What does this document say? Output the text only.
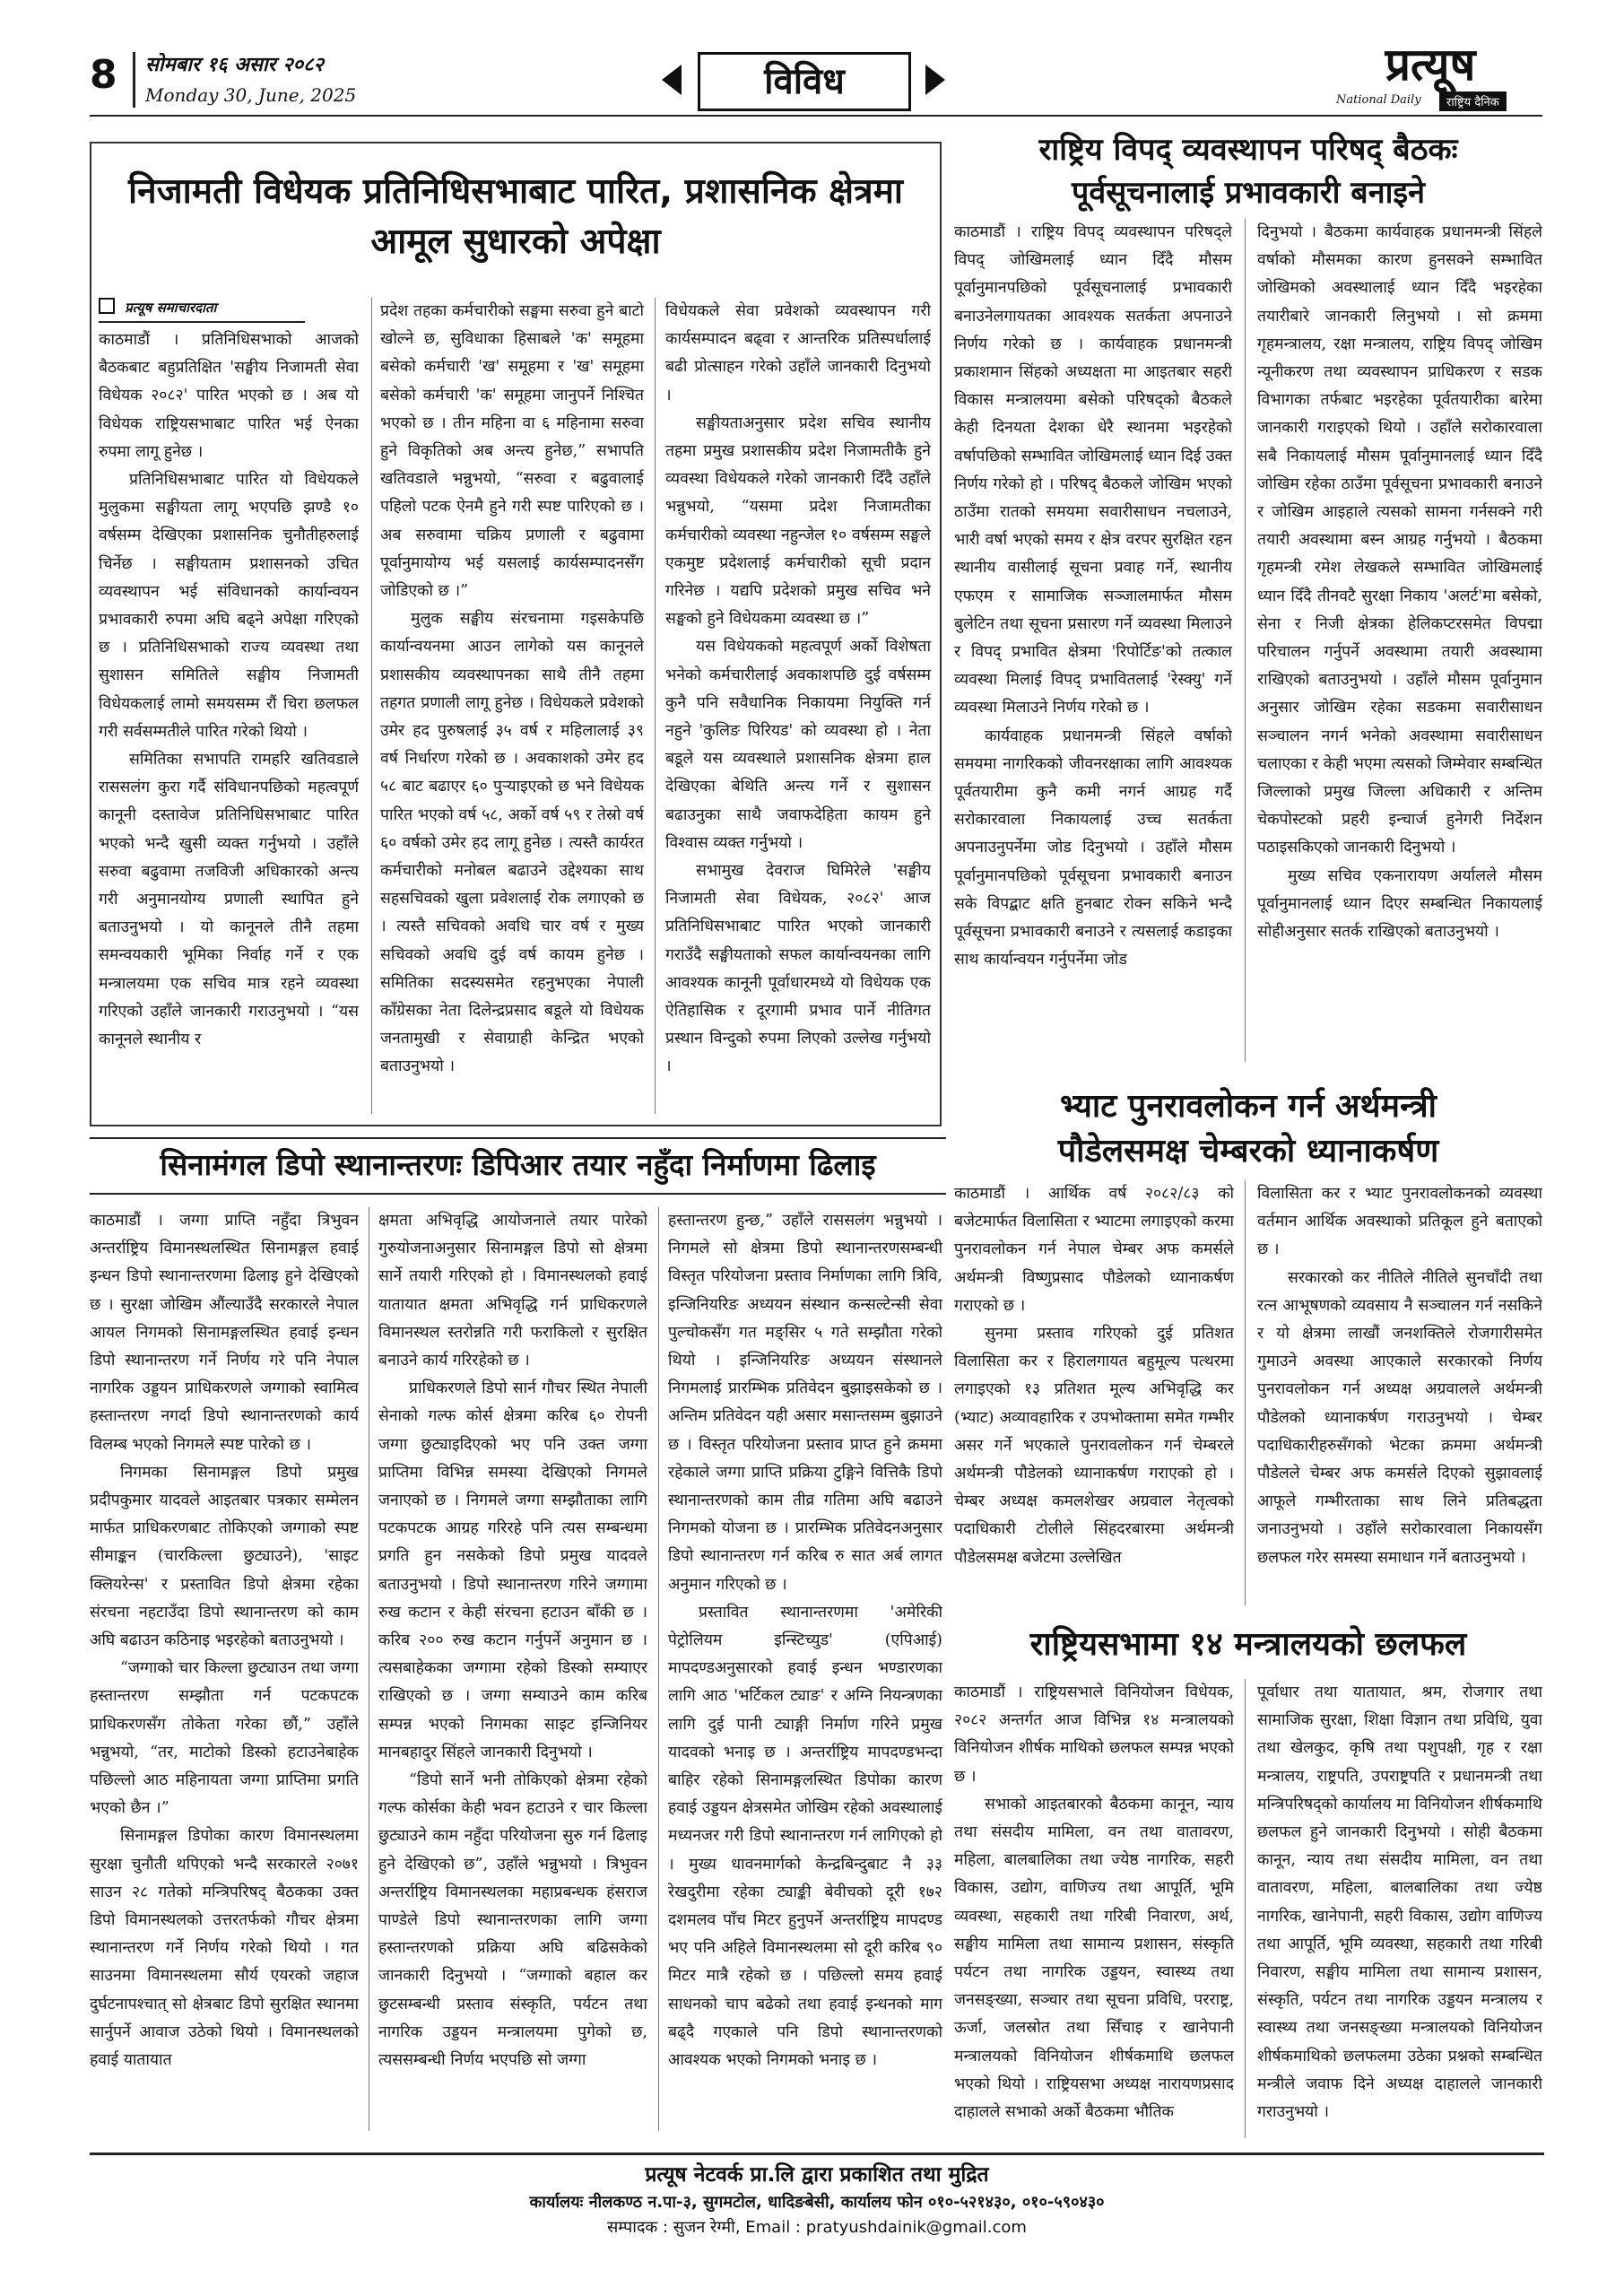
8 सोमबार १६ असार २०८२
Monday 30, June, 2025	विविध	प्रत्यूष
National Daily	राष्ट्रिय दैनिक
निजामती विधेयक प्रतिनिधिसभाबाट पारित, प्रशासनिक क्षेत्रमा
आमूल सुधारको अपेक्षा
प्रत्यूष समाचारदाता

काठमाडौं । प्रतिनिधिसभाको आजको बैठकबाट बहुप्रतिक्षित 'सङ्घीय निजामती सेवा विधेयक २०८२' पारित भएको छ । अब यो विधेयक राष्ट्रियसभाबाट पारित भई ऐनका रुपमा लागू हुनेछ ।

प्रतिनिधिसभाबाट पारित यो विधेयकले मुलुकमा सङ्घीयता लागू भएपछि झण्डै १० वर्षसम्म देखिएका प्रशासनिक चुनौतीहरुलाई चिर्नेछ । सङ्घीयताम प्रशासनको उचित व्यवस्थापन भई संविधानको कार्यान्वयन प्रभावकारी रुपमा अघि बढ्ने अपेक्षा गरिएको छ । प्रतिनिधिसभाको राज्य व्यवस्था तथा सुशासन समितिले सङ्घीय निजामती विधेयकलाई लामो समयसम्म रौं चिरा छलफल गरी सर्वसम्मतीले पारित गरेको थियो ।

समितिका सभापति रामहरि खतिवडाले राससलंग कुरा गर्दै संविधानपछिको महत्वपूर्ण कानूनी दस्तावेज प्रतिनिधिसभाबाट पारित भएको भन्दै खुसी व्यक्त गर्नुभयो । उहाँले सरुवा बढुवामा तजविजी अधिकारको अन्त्य गरी अनुमानयोग्य प्रणाली स्थापित हुने बताउनुभयो । यो कानूनले तीनै तहमा समन्वयकारी भूमिका निर्वाह गर्ने र एक मन्त्रालयमा एक सचिव मात्र रहने व्यवस्था गरिएको उहाँले जानकारी गराउनुभयो । “यस कानूनले स्थानीय र

प्रदेश तहका कर्मचारीको सङ्घमा सरुवा हुने बाटो खोल्ने छ, सुविधाका हिसाबले 'क' समूहमा बसेको कर्मचारी 'ख' समूहमा र 'ख' समूहमा बसेको कर्मचारी 'क' समूहमा जानुपर्ने निश्चित भएको छ । तीन महिना वा ६ महिनामा सरुवा हुने विकृतिको अब अन्त्य हुनेछ,” सभापति खतिवडाले भन्नुभयो, “सरुवा र बढुवालाई पहिलो पटक ऐनमै हुने गरी स्पष्ट पारिएको छ । अब सरुवामा चक्रिय प्रणाली र बढुवामा पूर्वानुमायोग्य भई यसलाई कार्यसम्पादनसँग जोडिएको छ ।”

मुलुक सङ्घीय संरचनामा गइसकेपछि कार्यान्वयनमा आउन लागेको यस कानूनले प्रशासकीय व्यवस्थापनका साथै तीनै तहमा तहगत प्रणाली लागू हुनेछ । विधेयकले प्रवेशको उमेर हद पुरुषलाई ३५ वर्ष र महिलालाई ३९ वर्ष निर्धारण गरेको छ । अवकाशको उमेर हद ५८ बाट बढाएर ६० पुऱ्याइएको छ भने विधेयक पारित भएको वर्ष ५८, अर्को वर्ष ५९ र तेस्रो वर्ष ६० वर्षको उमेर हद लागू हुनेछ । त्यस्तै कार्यरत कर्मचारीको मनोबल बढाउने उद्देश्यका साथ सहसचिवको खुला प्रवेशलाई रोक लगाएको छ । त्यस्तै सचिवको अवधि चार वर्ष र मुख्य सचिवको अवधि दुई वर्ष कायम हुनेछ । समितिका सदस्यसमेत रहनुभएका नेपाली काँग्रेसका नेता दिलेन्द्रप्रसाद बडूले यो विधेयक जनतामुखी र सेवाग्राही केन्द्रित भएको बताउनुभयो ।

विधेयकले सेवा प्रवेशको व्यवस्थापन गरी कार्यसम्पादन बढ्वा र आन्तरिक प्रतिस्पर्धालाई बढी प्रोत्साहन गरेको उहाँले जानकारी दिनुभयो ।

सङ्घीयताअनुसार प्रदेश सचिव स्थानीय तहमा प्रमुख प्रशासकीय प्रदेश निजामतीकै हुने व्यवस्था विधेयकले गरेको जानकारी दिँदै उहाँले भन्नुभयो, “यसमा प्रदेश निजामतीका कर्मचारीको व्यवस्था नहुन्जेल १० वर्षसम्म सङ्घले एकमुष्ट प्रदेशलाई कर्मचारीको सूची प्रदान गरिनेछ । यद्यपि प्रदेशको प्रमुख सचिव भने सङ्घको हुने विधेयकमा व्यवस्था छ ।”

यस विधेयकको महत्वपूर्ण अर्को विशेषता भनेको कर्मचारीलाई अवकाशपछि दुई वर्षसम्म कुनै पनि सवैधानिक निकायमा नियुक्ति गर्न नहुने 'कुलिङ पिरियड' को व्यवस्था हो । नेता बडूले यस व्यवस्थाले प्रशासनिक क्षेत्रमा हाल देखिएका बेथिति अन्त्य गर्ने र सुशासन बढाउनुका साथै जवाफदेहिता कायम हुने विश्वास व्यक्त गर्नुभयो ।

सभामुख देवराज घिमिरेले 'सङ्घीय निजामती सेवा विधेयक, २०८२' आज प्रतिनिधिसभाबाट पारित भएको जानकारी गराउँदै सङ्घीयताको सफल कार्यान्वयनका लागि आवश्यक कानूनी पूर्वाधारमध्ये यो विधेयक एक ऐतिहासिक र दूरगामी प्रभाव पार्ने नीतिगत प्रस्थान विन्दुको रुपमा लिएको उल्लेख गर्नुभयो ।

राष्ट्रिय विपद् व्यवस्थापन परिषद् बैठकः
पूर्वसूचनालाई प्रभावकारी बनाइने

काठमाडौं । राष्ट्रिय विपद् व्यवस्थापन परिषद्ले विपद् जोखिमलाई ध्यान दिँदै मौसम पूर्वानुमानपछिको पूर्वसूचनालाई प्रभावकारी बनाउनेलगायतका आवश्यक सतर्कता अपनाउने निर्णय गरेको छ । कार्यवाहक प्रधानमन्त्री प्रकाशमान सिंहको अध्यक्षता मा आइतबार सहरी विकास मन्त्रालयमा बसेको परिषद्को बैठकले केही दिनयता देशका धेरै स्थानमा भइरहेको वर्षापछिको सम्भावित जोखिमलाई ध्यान दिई उक्त निर्णय गरेको हो । परिषद् बैठकले जोखिम भएको ठाउँमा रातको समयमा सवारीसाधन नचलाउने, भारी वर्षा भएको समय र क्षेत्र वरपर सुरक्षित रहन स्थानीय वासीलाई सूचना प्रवाह गर्ने, स्थानीय एफएम र सामाजिक सञ्जालमार्फत मौसम बुलेटिन तथा सूचना प्रसारण गर्ने व्यवस्था मिलाउने र विपद् प्रभावित क्षेत्रमा 'रिपोर्टिङ'को तत्काल व्यवस्था मिलाई विपद् प्रभावितलाई 'रेस्क्यु' गर्ने व्यवस्था मिलाउने निर्णय गरेको छ ।

कार्यवाहक प्रधानमन्त्री सिंहले वर्षाको समयमा नागरिकको जीवनरक्षाका लागि आवश्यक पूर्वतयारीमा कुनै कमी नगर्न आग्रह गर्दै सरोकारवाला निकायलाई उच्च सतर्कता अपनाउनुपर्नेमा जोड दिनुभयो । उहाँले मौसम पूर्वानुमानपछिको पूर्वसूचना प्रभावकारी बनाउन सके विपद्बाट क्षति हुनबाट रोक्न सकिने भन्दै पूर्वसूचना प्रभावकारी बनाउने र त्यसलाई कडाइका साथ कार्यान्वयन गर्नुपर्नेमा जोड

दिनुभयो । बैठकमा कार्यवाहक प्रधानमन्त्री सिंहले वर्षाको मौसमका कारण हुनसक्ने सम्भावित जोखिमको अवस्थालाई ध्यान दिँदै भइरहेका तयारीबारे जानकारी लिनुभयो । सो क्रममा गृहमन्त्रालय, रक्षा मन्त्रालय, राष्ट्रिय विपद् जोखिम न्यूनीकरण तथा व्यवस्थापन प्राधिकरण र सडक विभागका तर्फबाट भइरहेका पूर्वतयारीका बारेमा जानकारी गराइएको थियो । उहाँले सरोकारवाला सबै निकायलाई मौसम पूर्वानुमानलाई ध्यान दिँदै जोखिम रहेका ठाउँमा पूर्वसूचना प्रभावकारी बनाउने र जोखिम आइहाले त्यसको सामना गर्नसक्ने गरी तयारी अवस्थामा बस्न आग्रह गर्नुभयो । बैठकमा गृहमन्त्री रमेश लेखकले सम्भावित जोखिमलाई ध्यान दिँदै तीनवटै सुरक्षा निकाय 'अलर्ट'मा बसेको, सेना र निजी क्षेत्रका हेलिकप्टरसमेत विपद्मा परिचालन गर्नुपर्ने अवस्थामा तयारी अवस्थामा राखिएको बताउनुभयो । उहाँले मौसम पूर्वानुमान अनुसार जोखिम रहेका सडकमा सवारीसाधन सञ्चालन नगर्न भनेको अवस्थामा सवारीसाधन चलाएका र केही भएमा त्यसको जिम्मेवार सम्बन्धित जिल्लाको प्रमुख जिल्ला अधिकारी र अन्तिम चेकपोस्टको प्रहरी इन्चार्ज हुनेगरी निर्देशन पठाइसकिएको जानकारी दिनुभयो ।

मुख्य सचिव एकनारायण अर्यालले मौसम पूर्वानुमानलाई ध्यान दिएर सम्बन्धित निकायलाई सोहीअनुसार सतर्क राखिएको बताउनुभयो ।

सिनामंगल डिपो स्थानान्तरणः डिपिआर तयार नहुँदा निर्माणमा ढिलाइ

काठमाडौं । जग्गा प्राप्ति नहुँदा त्रिभुवन अन्तर्राष्ट्रिय विमानस्थलस्थित सिनामङ्गल हवाई इन्धन डिपो स्थानान्तरणमा ढिलाइ हुने देखिएको छ । सुरक्षा जोखिम औंल्याउँदै सरकारले नेपाल आयल निगमको सिनामङ्गलस्थित हवाई इन्धन डिपो स्थानान्तरण गर्ने निर्णय गरे पनि नेपाल नागरिक उड्डयन प्राधिकरणले जग्गाको स्वामित्व हस्तान्तरण नगर्दा डिपो स्थानान्तरणको कार्य विलम्ब भएको निगमले स्पष्ट पारेको छ ।

निगमका सिनामङ्गल डिपो प्रमुख प्रदीपकुमार यादवले आइतबार पत्रकार सम्मेलन मार्फत प्राधिकरणबाट तोकिएको जग्गाको स्पष्ट सीमाङ्कन (चारकिल्ला छुट्याउने), 'साइट क्लियरेन्स' र प्रस्तावित डिपो क्षेत्रमा रहेका संरचना नहटाउँदा डिपो स्थानान्तरण को काम अघि बढाउन कठिनाइ भइरहेको बताउनुभयो ।

“जग्गाको चार किल्ला छुट्याउन तथा जग्गा हस्तान्तरण सम्झौता गर्न पटकपटक प्राधिकरणसँग तोकेता गरेका छौं,” उहाँले भन्नुभयो, “तर, माटोको डिस्को हटाउनेबाहेक पछिल्लो आठ महिनायता जग्गा प्राप्तिमा प्रगति भएको छैन ।”

सिनामङ्गल डिपोका कारण विमानस्थलमा सुरक्षा चुनौती थपिएको भन्दै सरकारले २०७१ साउन २८ गतेको मन्त्रिपरिषद् बैठकका उक्त डिपो विमानस्थलको उत्तरतर्फको गौचर क्षेत्रमा स्थानान्तरण गर्ने निर्णय गरेको थियो । गत साउनमा विमानस्थलमा सौर्य एयरको जहाज दुर्घटनापश्चात् सो क्षेत्रबाट डिपो सुरक्षित स्थानमा सार्नुपर्ने आवाज उठेको थियो । विमानस्थलको हवाई यातायात

क्षमता अभिवृद्धि आयोजनाले तयार पारेको गुरुयोजनाअनुसार सिनामङ्गल डिपो सो क्षेत्रमा सार्ने तयारी गरिएको हो । विमानस्थलको हवाई यातायात क्षमता अभिवृद्धि गर्न प्राधिकरणले विमानस्थल स्तरोन्नति गरी फराकिलो र सुरक्षित बनाउने कार्य गरिरहेको छ ।

प्राधिकरणले डिपो सार्न गौचर स्थित नेपाली सेनाको गल्फ कोर्स क्षेत्रमा करिब ६० रोपनी जग्गा छुट्याइदिएको भए पनि उक्त जग्गा प्राप्तिमा विभिन्न समस्या देखिएको निगमले जनाएको छ । निगमले जग्गा सम्झौताका लागि पटकपटक आग्रह गरिरहे पनि त्यस सम्बन्धमा प्रगति हुन नसकेको डिपो प्रमुख यादवले बताउनुभयो । डिपो स्थानान्तरण गरिने जग्गामा रुख कटान र केही संरचना हटाउन बाँकी छ । करिब २०० रुख कटान गर्नुपर्ने अनुमान छ । त्यसबाहेकका जग्गामा रहेको डिस्को सम्याएर राखिएको छ । जग्गा सम्याउने काम करिब सम्पन्न भएको निगमका साइट इन्जिनियर मानबहादुर सिंहले जानकारी दिनुभयो ।

“डिपो सार्ने भनी तोकिएको क्षेत्रमा रहेको गल्फ कोर्सका केही भवन हटाउने र चार किल्ला छुट्याउने काम नहुँदा परियोजना सुरु गर्न ढिलाइ हुने देखिएको छ”, उहाँले भन्नुभयो । त्रिभुवन अन्तर्राष्ट्रिय विमानस्थलका महाप्रबन्धक हंसराज पाण्डेले डिपो स्थानान्तरणका लागि जग्गा हस्तान्तरणको प्रक्रिया अघि बढिसकेको जानकारी दिनुभयो । “जग्गाको बहाल कर छुटसम्बन्धी प्रस्ताव संस्कृति, पर्यटन तथा नागरिक उड्डयन मन्त्रालयमा पुगेको छ, त्यससम्बन्धी निर्णय भएपछि सो जग्गा

हस्तान्तरण हुन्छ,” उहाँले राससलंग भन्नुभयो । निगमले सो क्षेत्रमा डिपो स्थानान्तरणसम्बन्धी विस्तृत परियोजना प्रस्ताव निर्माणका लागि त्रिवि, इन्जिनियरिङ अध्ययन संस्थान कन्सल्टेन्सी सेवा पुल्चोकसँग गत मङ्सिर ५ गते सम्झौता गरेको थियो । इन्जिनियरिङ अध्ययन संस्थानले निगमलाई प्रारम्भिक प्रतिवेदन बुझाइसकेको छ । अन्तिम प्रतिवेदन यही असार मसान्तसम्म बुझाउने छ । विस्तृत परियोजना प्रस्ताव प्राप्त हुने क्रममा रहेकाले जग्गा प्राप्ति प्रक्रिया टुङ्गिने वित्तिकै डिपो स्थानान्तरणको काम तीव्र गतिमा अघि बढाउने निगमको योजना छ । प्रारम्भिक प्रतिवेदनअनुसार डिपो स्थानान्तरण गर्न करिब रु सात अर्ब लागत अनुमान गरिएको छ ।

प्रस्तावित स्थानान्तरणमा 'अमेरिकी पेट्रोलियम इन्स्टिच्युड' (एपिआई) मापदण्डअनुसारको हवाई इन्धन भण्डारणका लागि आठ 'भर्टिकल ट्याङ' र अग्नि नियन्त्रणका लागि दुई पानी ट्याङ्गी निर्माण गरिने प्रमुख यादवको भनाइ छ । अन्तर्राष्ट्रिय मापदण्डभन्दा बाहिर रहेको सिनामङ्गलस्थित डिपोका कारण हवाई उड्डयन क्षेत्रसमेत जोखिम रहेको अवस्थालाई मध्यनजर गरी डिपो स्थानान्तरण गर्न लागिएको हो । मुख्य धावनमार्गको केन्द्रबिन्दुबाट नै ३३ रेखदुरीमा रहेका ट्याङ्की बेवीचको दूरी १७२ दशमलव पाँच मिटर हुनुपर्ने अन्तर्राष्ट्रिय मापदण्ड भए पनि अहिले विमानस्थलमा सो दूरी करिब ९० मिटर मात्रै रहेको छ । पछिल्लो समय हवाई साधनको चाप बढेको तथा हवाई इन्धनको माग बढ्दै गएकाले पनि डिपो स्थानान्तरणको आवश्यक भएको निगमको भनाइ छ ।

भ्याट पुनरावलोकन गर्न अर्थमन्त्री
पौडेलसमक्ष चेम्बरको ध्यानाकर्षण

काठमाडौं । आर्थिक वर्ष २०८२/८३ को बजेटमार्फत विलासिता र भ्याटमा लगाइएको करमा पुनरावलोकन गर्न नेपाल चेम्बर अफ कमर्सले अर्थमन्त्री विष्णुप्रसाद पौडेलको ध्यानाकर्षण गराएको छ ।

सुनमा प्रस्ताव गरिएको दुई प्रतिशत विलासिता कर र हिरालगायत बहुमूल्य पत्थरमा लगाइएको १३ प्रतिशत मूल्य अभिवृद्धि कर (भ्याट) अव्यावहारिक र उपभोक्तामा समेत गम्भीर असर गर्ने भएकाले पुनरावलोकन गर्न चेम्बरले अर्थमन्त्री पौडेलको ध्यानाकर्षण गराएको हो । चेम्बर अध्यक्ष कमलशेखर अग्रवाल नेतृत्वको पदाधिकारी टोलीले सिंहदरबारमा अर्थमन्त्री पौडेलसमक्ष बजेटमा उल्लेखित

विलासिता कर र भ्याट पुनरावलोकनको व्यवस्था वर्तमान आर्थिक अवस्थाको प्रतिकूल हुने बताएको छ ।

सरकारको कर नीतिले नीतिले सुनचाँदी तथा रत्न आभूषणको व्यवसाय नै सञ्चालन गर्न नसकिने र यो क्षेत्रमा लाखौं जनशक्तिले रोजगारीसमेत गुमाउने अवस्था आएकाले सरकारको निर्णय पुनरावलोकन गर्न अध्यक्ष अग्रवालले अर्थमन्त्री पौडेलको ध्यानाकर्षण गराउनुभयो । चेम्बर पदाधिकारीहरुसँगको भेटका क्रममा अर्थमन्त्री पौडेलले चेम्बर अफ कमर्सले दिएको सुझावलाई आफूले गम्भीरताका साथ लिने प्रतिबद्धता जनाउनुभयो । उहाँले सरोकारवाला निकायसँग छलफल गरेर समस्या समाधान गर्ने बताउनुभयो ।

राष्ट्रियसभामा १४ मन्त्रालयको छलफल

काठमाडौं । राष्ट्रियसभाले विनियोजन विधेयक, २०८२ अन्तर्गत आज विभिन्न १४ मन्त्रालयको विनियोजन शीर्षक माथिको छलफल सम्पन्न भएको छ ।

सभाको आइतबारको बैठकमा कानून, न्याय तथा संसदीय मामिला, वन तथा वातावरण, महिला, बालबालिका तथा ज्येष्ठ नागरिक, सहरी विकास, उद्योग, वाणिज्य तथा आपूर्ति, भूमि व्यवस्था, सहकारी तथा गरिबी निवारण, अर्थ, सङ्घीय मामिला तथा सामान्य प्रशासन, संस्कृति पर्यटन तथा नागरिक उड्डयन, स्वास्थ्य तथा जनसङ्ख्या, सञ्चार तथा सूचना प्रविधि, परराष्ट्र, ऊर्जा, जलस्रोत तथा सिँचाइ र खानेपानी मन्त्रालयको विनियोजन शीर्षकमाथि छलफल भएको थियो । राष्ट्रियसभा अध्यक्ष नारायणप्रसाद दाहालले सभाको अर्को बैठकमा भौतिक

पूर्वाधार तथा यातायात, श्रम, रोजगार तथा सामाजिक सुरक्षा, शिक्षा विज्ञान तथा प्रविधि, युवा तथा खेलकुद, कृषि तथा पशुपक्षी, गृह र रक्षा मन्त्रालय, राष्ट्रपति, उपराष्ट्रपति र प्रधानमन्त्री तथा मन्त्रिपरिषद्को कार्यालय मा विनियोजन शीर्षकमाथि छलफल हुने जानकारी दिनुभयो । सोही बैठकमा कानून, न्याय तथा संसदीय मामिला, वन तथा वातावरण, महिला, बालबालिका तथा ज्येष्ठ नागरिक, खानेपानी, सहरी विकास, उद्योग वाणिज्य तथा आपूर्ति, भूमि व्यवस्था, सहकारी तथा गरिबी निवारण, सङ्घीय मामिला तथा सामान्य प्रशासन, संस्कृति, पर्यटन तथा नागरिक उड्डयन मन्त्रालय र स्वास्थ्य तथा जनसङ्ख्या मन्त्रालयको विनियोजन शीर्षकमाथिको छलफलमा उठेका प्रश्नको सम्बन्धित मन्त्रीले जवाफ दिने अध्यक्ष दाहालले जानकारी गराउनुभयो ।

प्रत्यूष नेटवर्क प्रा.लि द्वारा प्रकाशित तथा मुद्रित
कार्यालयः नीलकण्ठ न.पा-३, सुगमटोल, धादिङबेसी, कार्यालय फोन ०१०-५२१४३०, ०१०-५९०४३०
सम्पादक : सुजन रेग्मी, Email : pratyushdainik@gmail.com
